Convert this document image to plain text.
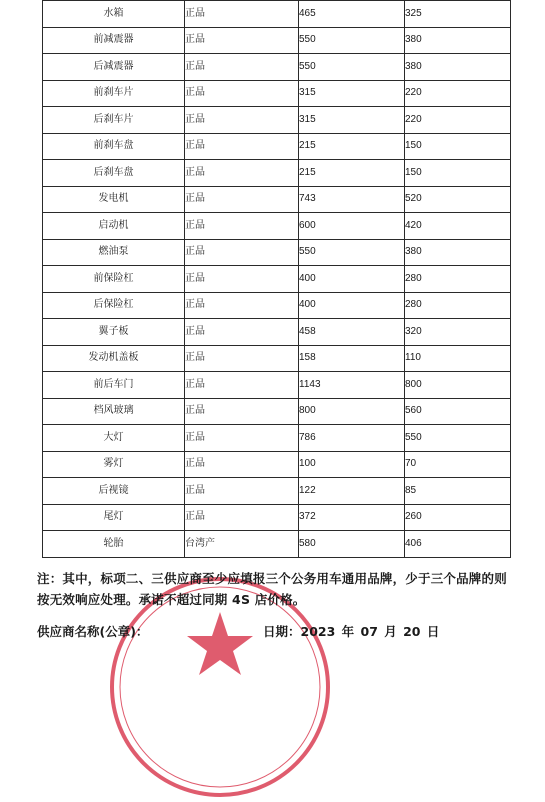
水箱	正品	465	325
前减震器	正品	550	380
后减震器	正品	550	380
前刹车片	正品	315	220
后刹车片	正品	315	220
前刹车盘	正品	215	150
后刹车盘	正品	215	150
发电机	正品	743	520
启动机	正品	600	420
燃油泵	正品	550	380
前保险杠	正品	400	280
后保险杠	正品	400	280
翼子板	正品	458	320
发动机盖板	正品	158	110
前后车门	正品	1143	800
档风玻璃	正品	800	560
大灯	正品	786	550
雾灯	正品	100	70
后视镜	正品	122	85
尾灯	正品	372	260
轮胎	台湾产	580	406
注：其中，标项二、三供应商至少应填报三个公务用车通用品牌，少于三个品牌的则按无效响应处理。承诺不超过同期 4S 店价格。
供应商名称(公章)：	日期：2023 年 07 月 20 日
